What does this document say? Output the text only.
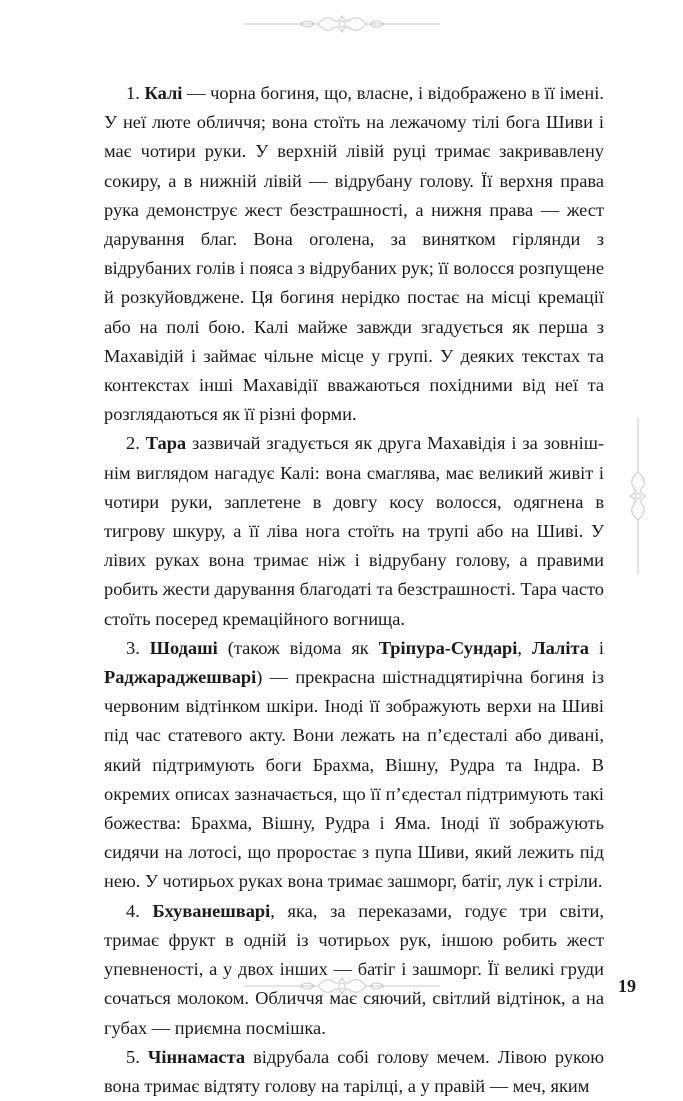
1. Калі — чорна богиня, що, власне, і відображено в її імені. У неї люте обличчя; вона стоїть на лежачому тілі бога Шиви і має чотири руки. У верхній лівій руці тримає закривавлену сокиру, а в нижній лівій — відрубану голову. Її верхня права рука демонструє жест безстрашності, а нижня права — жест дарування благ. Вона оголена, за винятком гірлянди з відрубаних голів і пояса з відрубаних рук; її волосся розпущене й розкуйовджене. Ця богиня нерідко постає на місці кремації або на полі бою. Калі майже завжди згадується як перша з Махавідій і займає чільне місце у групі. У деяких текстах та контекстах інші Махавідії вважаються похідними від неї та розглядаються як її різні форми.

2. Тара зазвичай згадується як друга Махавідія і за зовнішнім виглядом нагадує Калі: вона смаглява, має великий живіт і чотири руки, заплетене в довгу косу волосся, одягнена в тигрову шкуру, а її ліва нога стоїть на трупі або на Шиві. У лівих руках вона тримає ніж і відрубану голову, а правими робить жести дарування благодаті та безстрашності. Тара часто стоїть посеред кремаційного вогнища.

3. Шодаші (також відома як Тріпура-Сундарі, Лаліта і Раджараджешварі) — прекрасна шістнадцятирічна богиня із червоним відтінком шкіри. Іноді її зображують верхи на Шиві під час статевого акту. Вони лежать на п’єдесталі або дивані, який підтримують боги Брахма, Вішну, Рудра та Індра. В окремих описах зазначається, що її п’єдестал підтримують такі божества: Брахма, Вішну, Рудра і Яма. Іноді її зображують сидячи на лотосі, що проростає з пупа Шиви, який лежить під нею. У чотирьох руках вона тримає зашморг, батіг, лук і стріли.

4. Бхуванешварі, яка, за переказами, годує три світи, тримає фрукт в одній із чотирьох рук, іншою робить жест упевненості, а у двох інших — батіг і зашморг. Її великі груди сочаться молоком. Обличчя має сяючий, світлий відтінок, а на губах — приємна посмішка.

5. Чіннамаста відрубала собі голову мечем. Лівою рукою вона тримає відтяту голову на тарілці, а у правій — меч, яким

19
